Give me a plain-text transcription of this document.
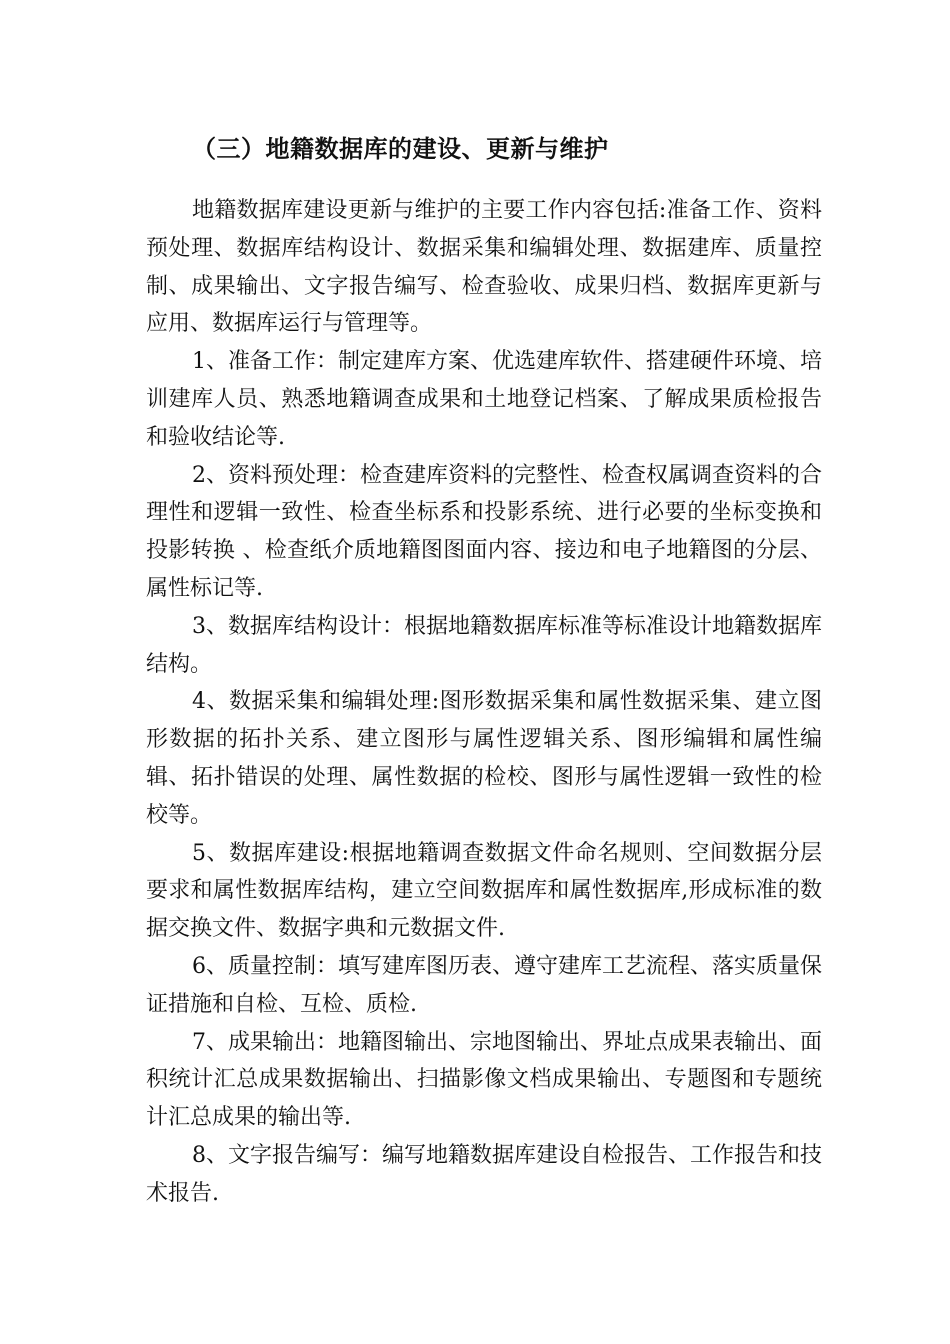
（三）地籍数据库的建设、更新与维护

地籍数据库建设更新与维护的主要工作内容包括:准备工作、资料预处理、数据库结构设计、数据采集和编辑处理、数据建库、质量控制、成果输出、文字报告编写、检查验收、成果归档、数据库更新与应用、数据库运行与管理等。

1、准备工作：制定建库方案、优选建库软件、搭建硬件环境、培训建库人员、熟悉地籍调查成果和土地登记档案、了解成果质检报告和验收结论等.

2、资料预处理：检查建库资料的完整性、检查权属调查资料的合理性和逻辑一致性、检查坐标系和投影系统、进行必要的坐标变换和投影转换 、检查纸介质地籍图图面内容、接边和电子地籍图的分层、属性标记等.

3、数据库结构设计：根据地籍数据库标准等标准设计地籍数据库结构。

4、数据采集和编辑处理:图形数据采集和属性数据采集、建立图形数据的拓扑关系、建立图形与属性逻辑关系、图形编辑和属性编辑、拓扑错误的处理、属性数据的检校、图形与属性逻辑一致性的检校等。

5、数据库建设:根据地籍调查数据文件命名规则、空间数据分层要求和属性数据库结构，建立空间数据库和属性数据库,形成标准的数据交换文件、数据字典和元数据文件.

6、质量控制：填写建库图历表、遵守建库工艺流程、落实质量保证措施和自检、互检、质检.

7、成果输出：地籍图输出、宗地图输出、界址点成果表输出、面积统计汇总成果数据输出、扫描影像文档成果输出、专题图和专题统计汇总成果的输出等.

8、文字报告编写：编写地籍数据库建设自检报告、工作报告和技术报告.
